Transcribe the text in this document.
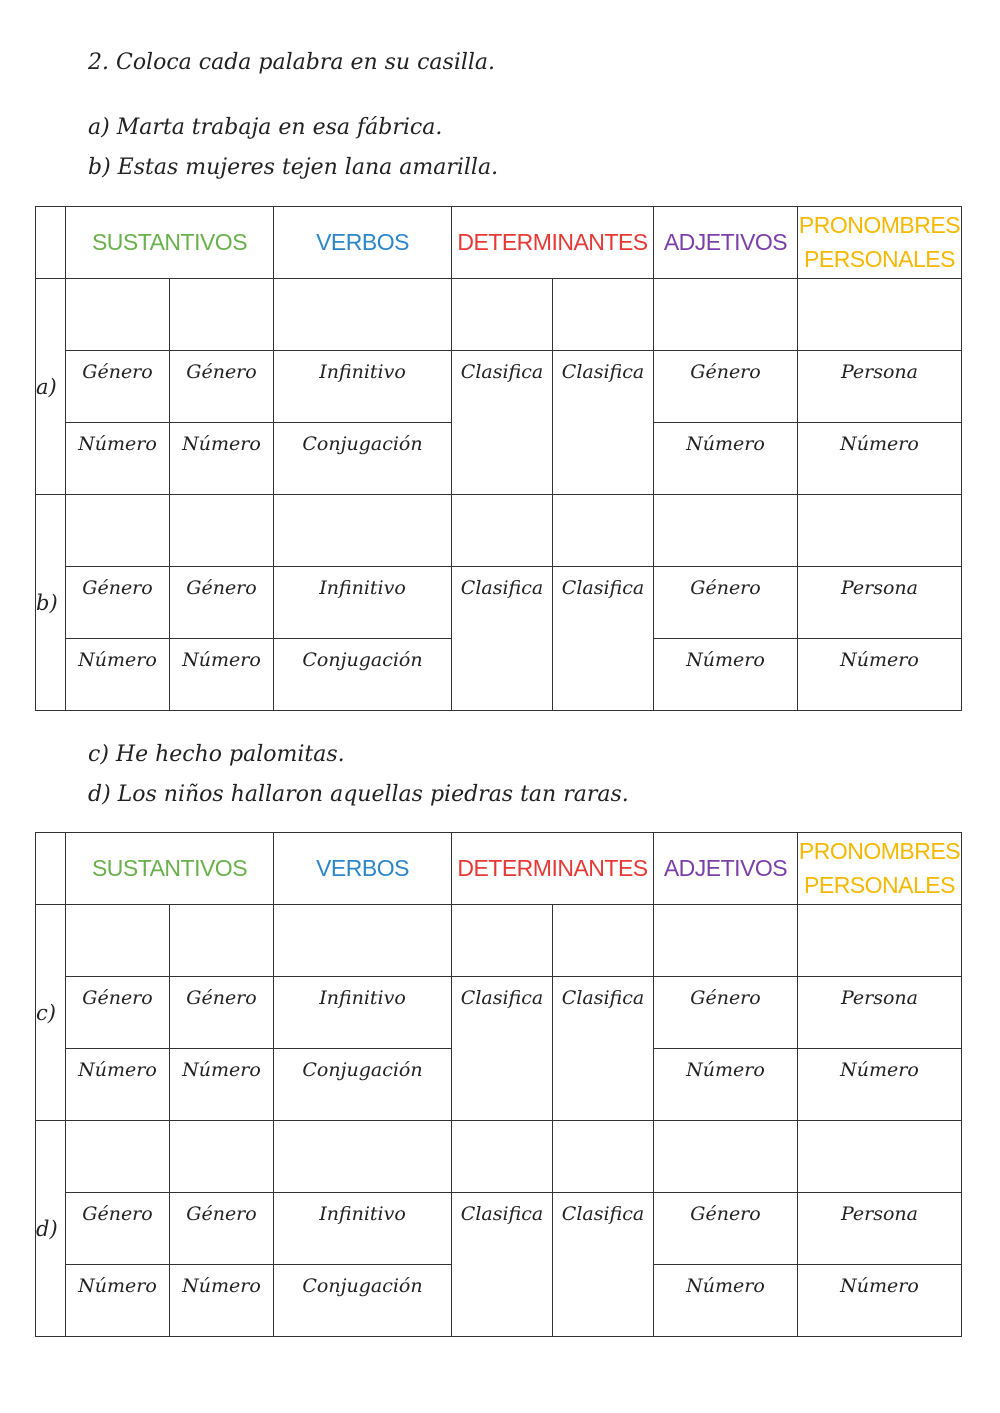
2. Coloca cada palabra en su casilla.
a) Marta trabaja en esa fábrica.
b) Estas mujeres tejen lana amarilla.
	SUSTANTIVOS		VERBOS	DETERMINANTES		ADJETIVOS	PRONOMBRES PERSONALES
a)							
	Género	Género	Infinitivo	Clasifica	Clasifica	Género	Persona
	Número	Número	Conjugación			Número	Número
b)							
	Género	Género	Infinitivo	Clasifica	Clasifica	Género	Persona
	Número	Número	Conjugación			Número	Número
c) He hecho palomitas.
d) Los niños hallaron aquellas piedras tan raras.
	SUSTANTIVOS		VERBOS	DETERMINANTES		ADJETIVOS	PRONOMBRES PERSONALES
c)							
	Género	Género	Infinitivo	Clasifica	Clasifica	Género	Persona
	Número	Número	Conjugación			Número	Número
d)							
	Género	Género	Infinitivo	Clasifica	Clasifica	Género	Persona
	Número	Número	Conjugación			Número	Número
